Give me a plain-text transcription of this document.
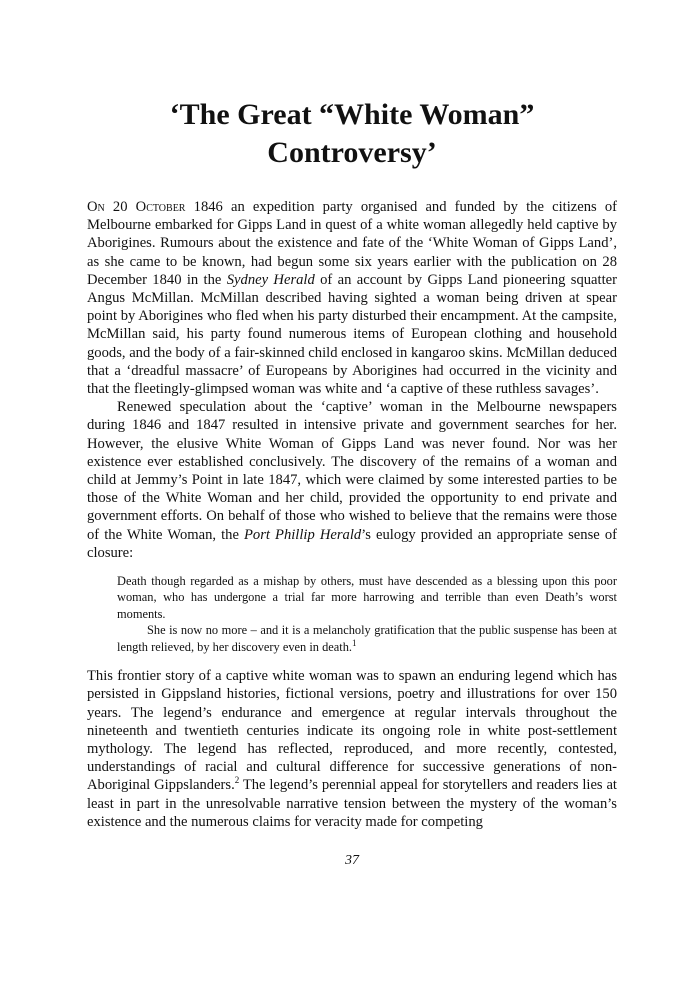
‘The Great “White Woman”
Controversy’

On 20 October 1846 an expedition party organised and funded by the citizens of Melbourne embarked for Gipps Land in quest of a white woman allegedly held captive by Aborigines. Rumours about the existence and fate of the ‘White Woman of Gipps Land’, as she came to be known, had begun some six years earlier with the publication on 28 December 1840 in the Sydney Herald of an account by Gipps Land pioneering squatter Angus McMillan. McMillan described having sighted a woman being driven at spear point by Aborigines who fled when his party disturbed their encampment. At the campsite, McMillan said, his party found numerous items of European clothing and household goods, and the body of a fair-skinned child enclosed in kangaroo skins. McMillan deduced that a ‘dreadful massacre’ of Europeans by Aborigines had occurred in the vicinity and that the fleetingly-glimpsed woman was white and ‘a captive of these ruthless savages’.

Renewed speculation about the ‘captive’ woman in the Melbourne newspapers during 1846 and 1847 resulted in intensive private and government searches for her. However, the elusive White Woman of Gipps Land was never found. Nor was her existence ever established conclusively. The discovery of the remains of a woman and child at Jemmy’s Point in late 1847, which were claimed by some interested parties to be those of the White Woman and her child, provided the opportunity to end private and government efforts. On behalf of those who wished to believe that the remains were those of the White Woman, the Port Phillip Herald’s eulogy provided an appropriate sense of closure:

Death though regarded as a mishap by others, must have descended as a blessing upon this poor woman, who has undergone a trial far more harrowing and terrible than even Death’s worst moments.

She is now no more – and it is a melancholy gratification that the public suspense has been at length relieved, by her discovery even in death.$^1$

This frontier story of a captive white woman was to spawn an enduring legend which has persisted in Gippsland histories, fictional versions, poetry and illustrations for over 150 years. The legend’s endurance and emergence at regular intervals throughout the nineteenth and twentieth centuries indicate its ongoing role in white post-settlement mythology. The legend has reflected, reproduced, and more recently, contested, understandings of racial and cultural difference for successive generations of non-Aboriginal Gippslanders.$^2$ The legend’s perennial appeal for storytellers and readers lies at least in part in the unresolvable narrative tension between the mystery of the woman’s existence and the numerous claims for veracity made for competing

37
